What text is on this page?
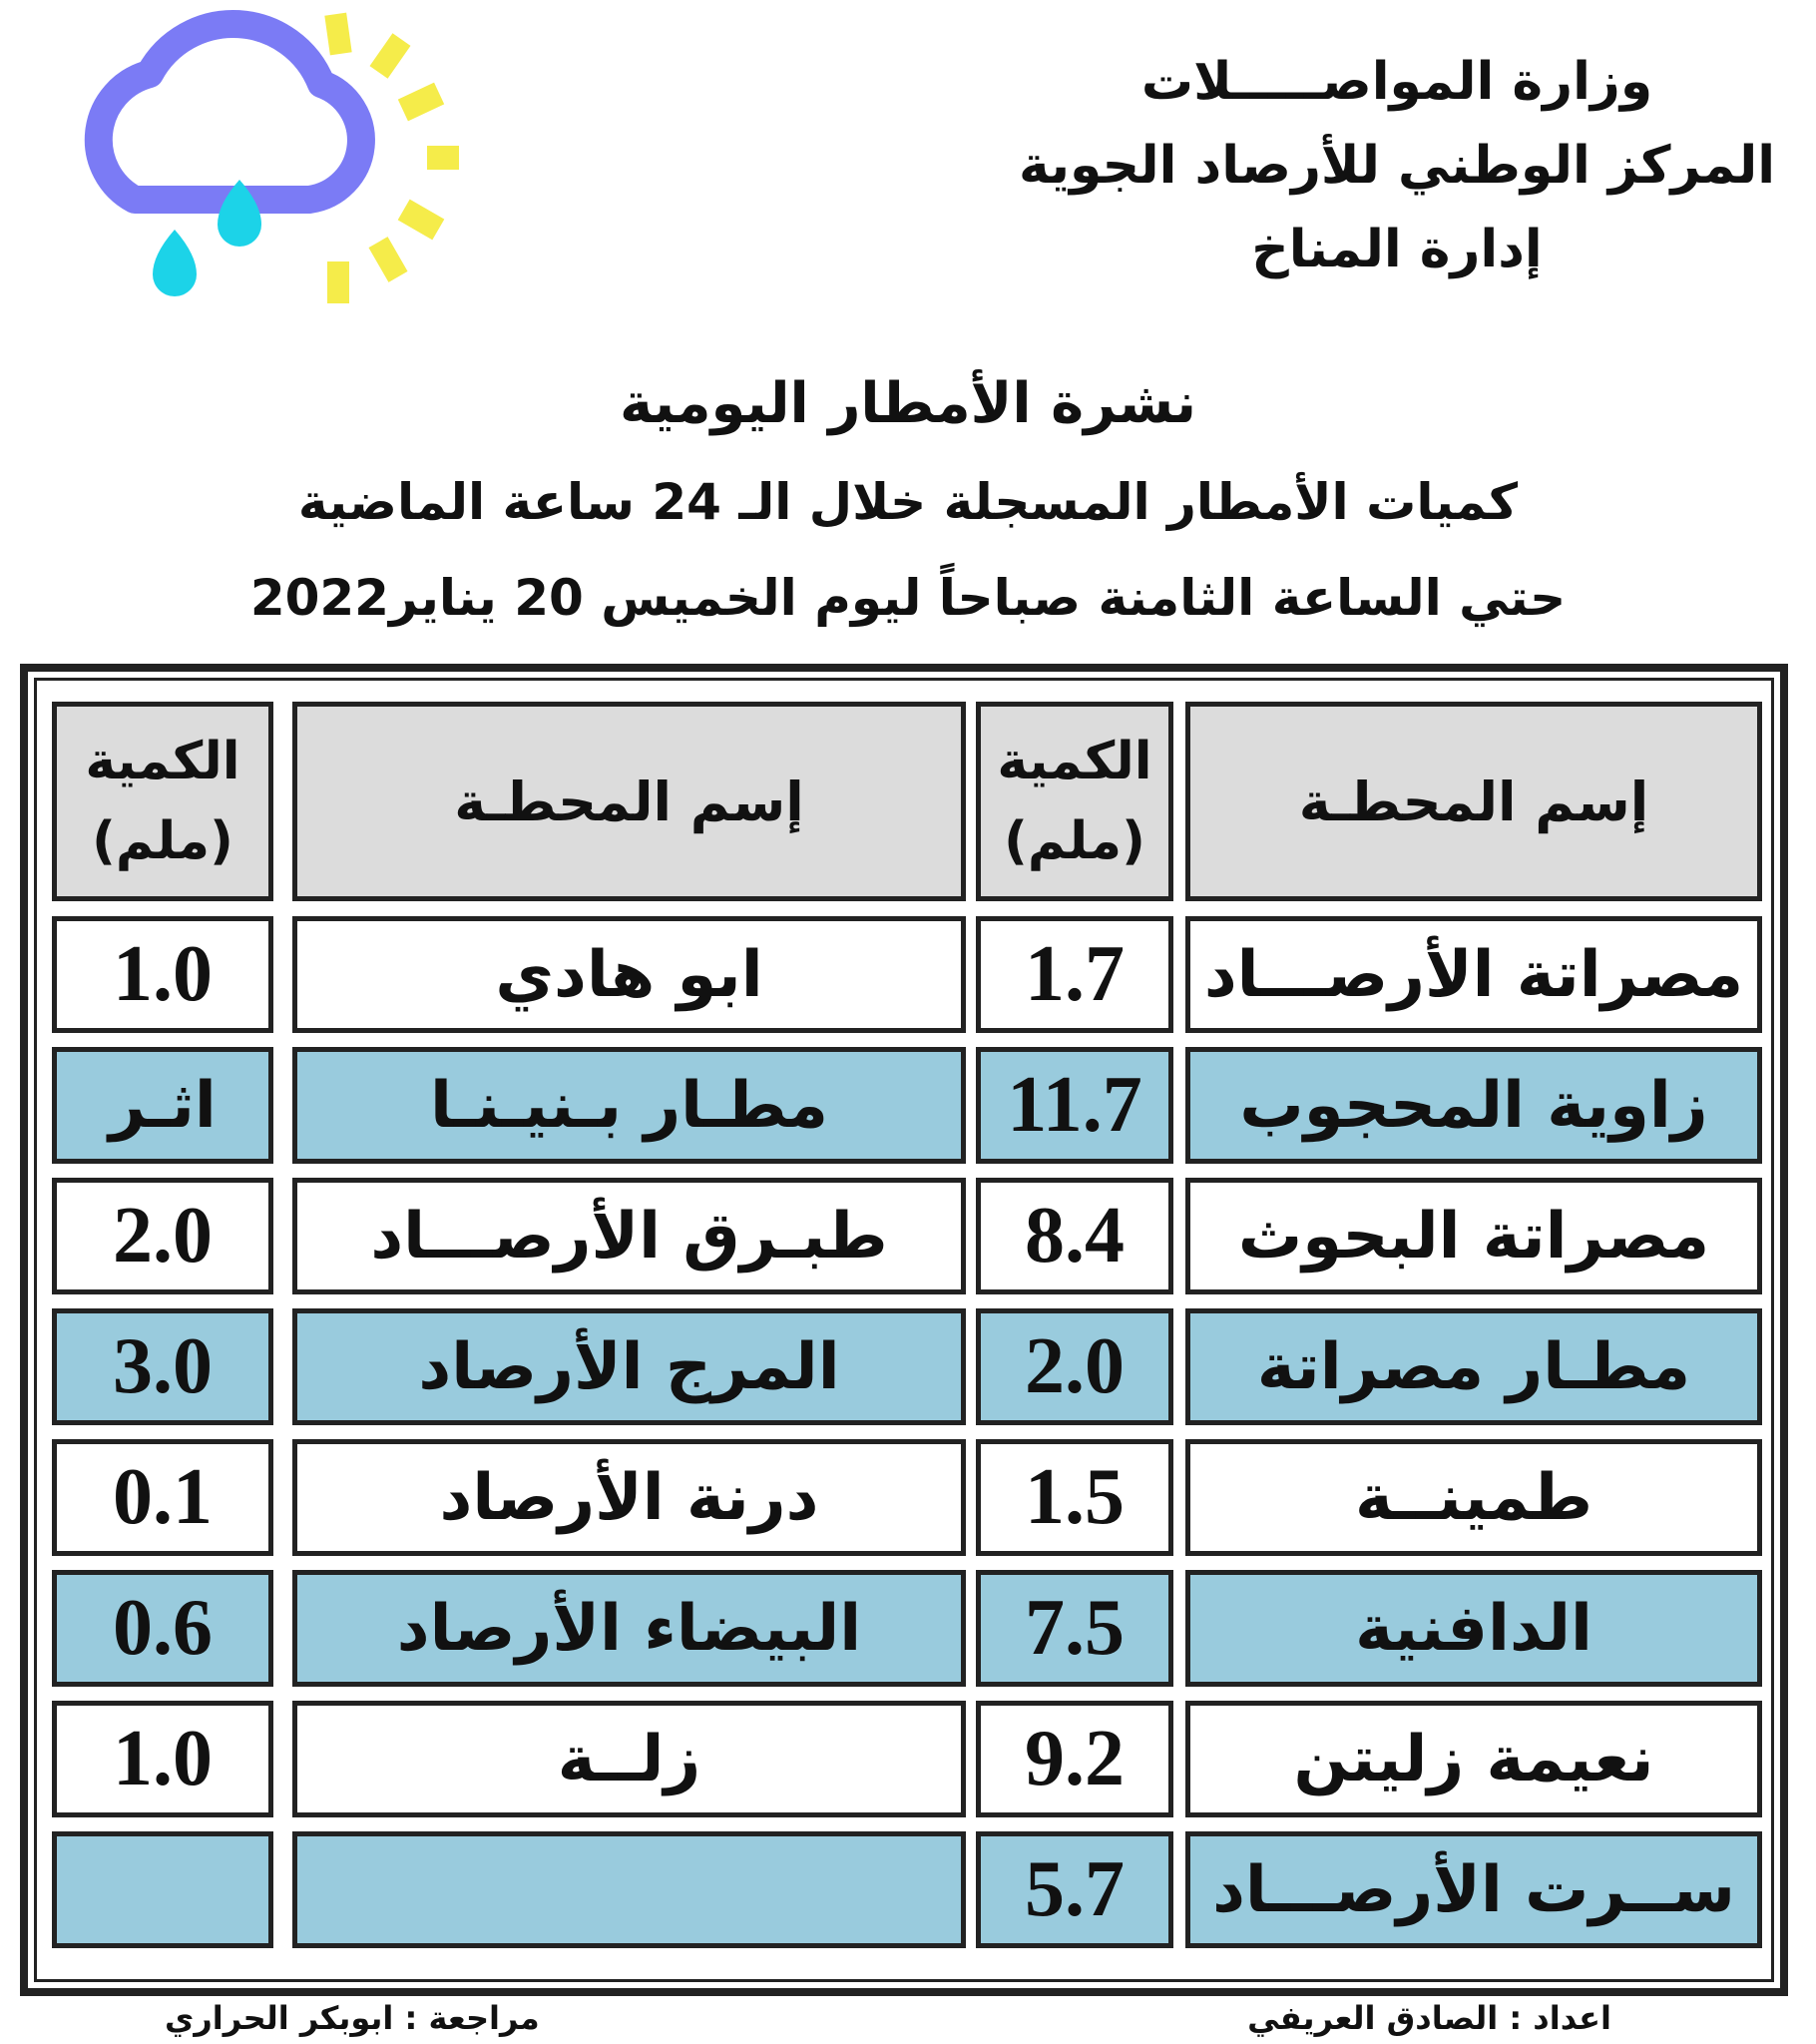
وزارة المواصـــــلات
المركز الوطني للأرصاد الجوية
إدارة المناخ
نشرة الأمطار اليومية
كميات الأمطار المسجلة خلال الـ 24 ساعة الماضية
حتي الساعة الثامنة صباحاً ليوم الخميس 20 يناير2022
إسم المحطـة
الكمية
(ملم)
إسم المحطـة
الكمية
(ملم)
مصراتة الأرصـــاد
1.7
ابو هادي
1.0
زاوية المحجوب
11.7
مطـار بـنيـنـا
اثـر
مصراتة البحوث
8.4
طبـرق الأرصـــاد
2.0
مطـار مصراتة
2.0
المرج الأرصاد
3.0
طمينــة
1.5
درنة الأرصاد
0.1
الدافنية
7.5
البيضاء الأرصاد
0.6
نعيمة زليتن
9.2
زلــة
1.0
ســرت الأرصـــاد
5.7
اعداد : الصادق العريفي
مراجعة : ابوبكر الحراري
